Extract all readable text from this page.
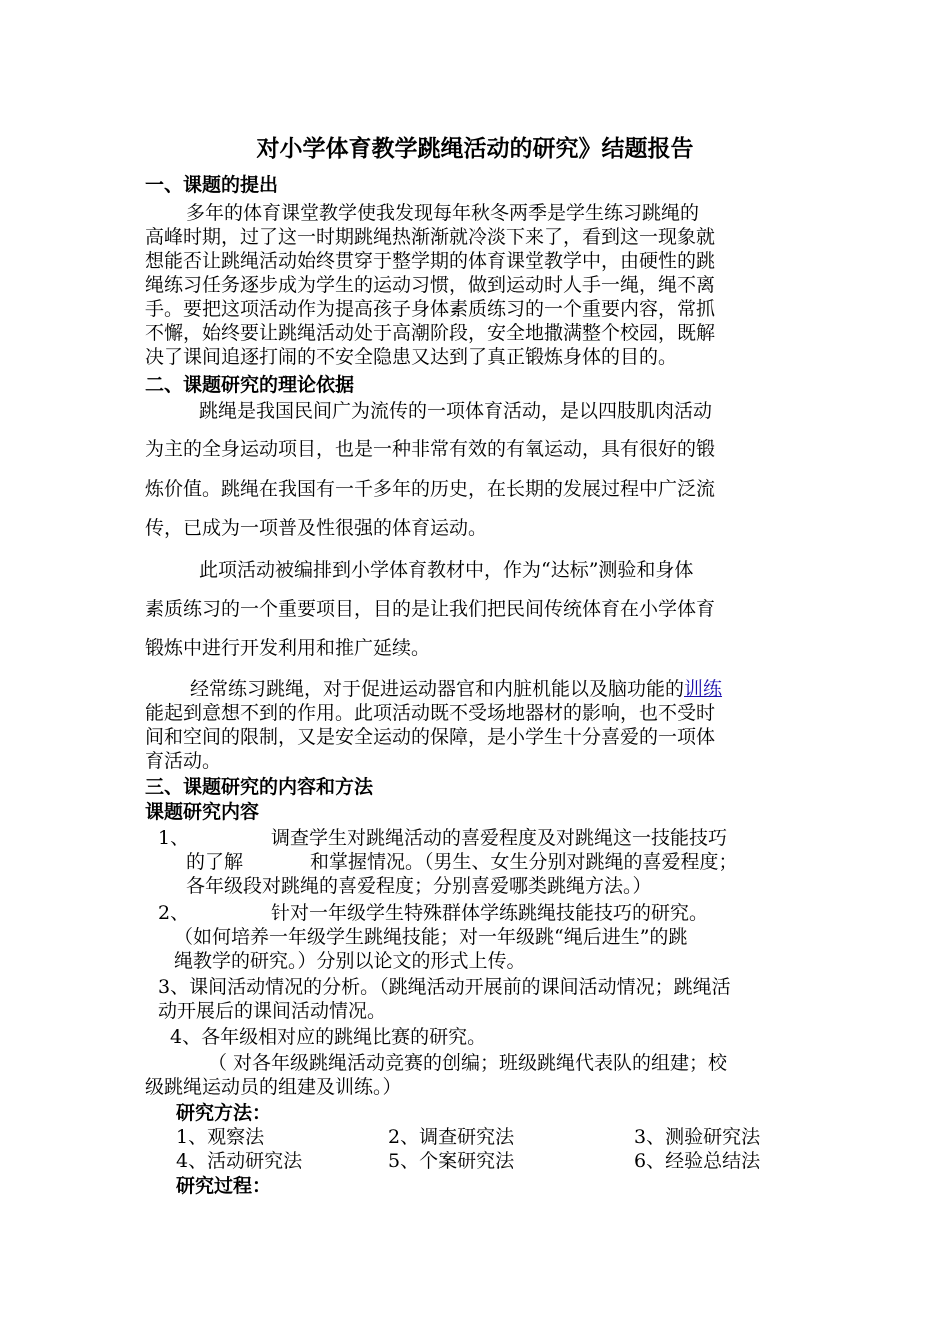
对小学体育教学跳绳活动的研究》结题报告
一、课题的提出
多年的体育课堂教学使我发现每年秋冬两季是学生练习跳绳的
高峰时期，过了这一时期跳绳热渐渐就冷淡下来了，看到这一现象就
想能否让跳绳活动始终贯穿于整学期的体育课堂教学中，由硬性的跳
绳练习任务逐步成为学生的运动习惯，做到运动时人手一绳，绳不离
手。要把这项活动作为提高孩子身体素质练习的一个重要内容，常抓
不懈，始终要让跳绳活动处于高潮阶段，安全地撒满整个校园，既解
决了课间追逐打闹的不安全隐患又达到了真正锻炼身体的目的。
二、课题研究的理论依据
跳绳是我国民间广为流传的一项体育活动，是以四肢肌肉活动
为主的全身运动项目，也是一种非常有效的有氧运动，具有很好的锻
炼价值。跳绳在我国有一千多年的历史，在长期的发展过程中广泛流
传，已成为一项普及性很强的体育运动。
此项活动被编排到小学体育教材中，作为“达标”测验和身体
素质练习的一个重要项目，目的是让我们把民间传统体育在小学体育
锻炼中进行开发利用和推广延续。
经常练习跳绳，对于促进运动器官和内脏机能以及脑功能的训练
能起到意想不到的作用。此项活动既不受场地器材的影响，也不受时
间和空间的限制，又是安全运动的保障，是小学生十分喜爱的一项体
育活动。
三、课题研究的内容和方法
课题研究内容
1、	调查学生对跳绳活动的喜爱程度及对跳绳这一技能技巧
的了解	和掌握情况。（男生、女生分别对跳绳的喜爱程度；
各年级段对跳绳的喜爱程度；分别喜爱哪类跳绳方法。）
2、	针对一年级学生特殊群体学练跳绳技能技巧的研究。
（如何培养一年级学生跳绳技能；对一年级跳“绳后进生”的跳
绳教学的研究。）分别以论文的形式上传。
3、课间活动情况的分析。（跳绳活动开展前的课间活动情况；跳绳活
动开展后的课间活动情况。
4、各年级相对应的跳绳比赛的研究。
（ 对各年级跳绳活动竞赛的创编；班级跳绳代表队的组建；校
级跳绳运动员的组建及训练。）
研究方法：
1、观察法	2、调查研究法	3、测验研究法
4、活动研究法	5、个案研究法	6、经验总结法
研究过程：
